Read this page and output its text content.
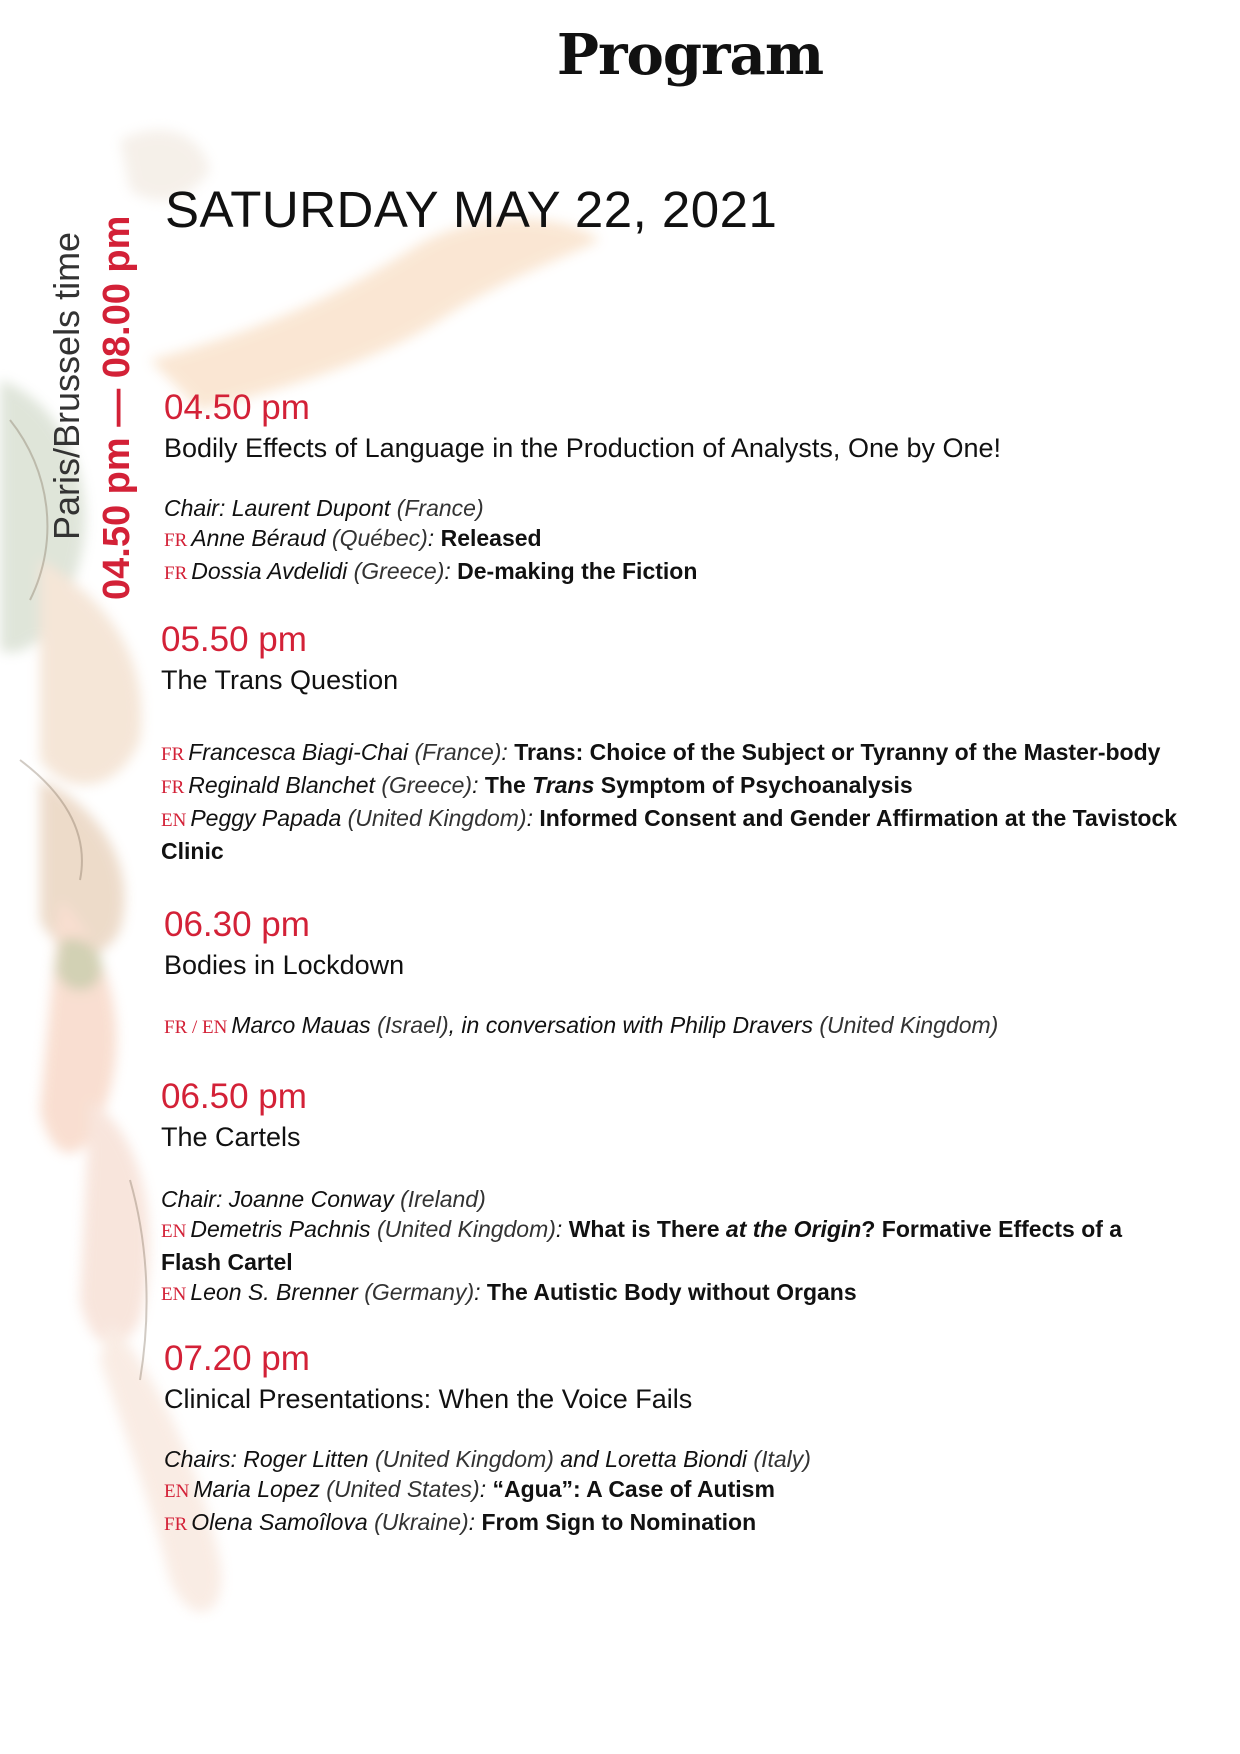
Program
Paris/Brussels time 04.50 pm — 08.00 pm
SATURDAY MAY 22, 2021
04.50 pm
Bodily Effects of Language in the Production of Analysts, One by One!
Chair: Laurent Dupont (France)
FR Anne Béraud (Québec): Released
FR Dossia Avdelidi (Greece): De-making the Fiction
05.50 pm
The Trans Question
FR Francesca Biagi-Chai (France): Trans: Choice of the Subject or Tyranny of the Master-body
FR Reginald Blanchet (Greece): The Trans Symptom of Psychoanalysis
EN Peggy Papada (United Kingdom): Informed Consent and Gender Affirmation at the Tavistock Clinic
06.30 pm
Bodies in Lockdown
FR / EN Marco Mauas (Israel), in conversation with Philip Dravers (United Kingdom)
06.50 pm
The Cartels
Chair: Joanne Conway (Ireland)
EN Demetris Pachnis (United Kingdom): What is There at the Origin? Formative Effects of a Flash Cartel
EN Leon S. Brenner (Germany): The Autistic Body without Organs
07.20 pm
Clinical Presentations: When the Voice Fails
Chairs: Roger Litten (United Kingdom) and Loretta Biondi (Italy)
EN Maria Lopez (United States): “Agua”: A Case of Autism
FR Olena Samoîlova (Ukraine): From Sign to Nomination
